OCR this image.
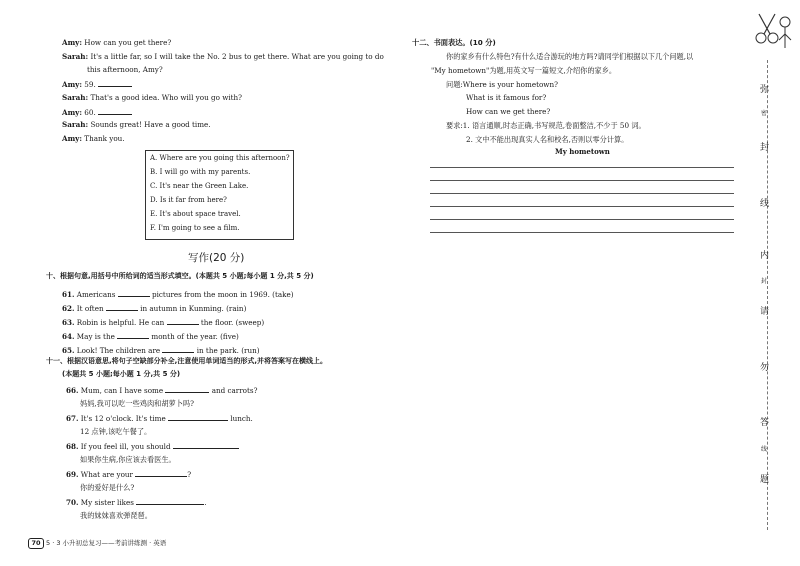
Amy: How can you get there?
Sarah: It's a little far, so I will take the No. 2 bus to get there. What are you going to do
this afternoon, Amy?
Amy: 59.
Sarah: That's a good idea. Who will you go with?
Amy: 60.
Sarah: Sounds great! Have a good time.
Amy: Thank you.
A. Where are you going this afternoon?
B. I will go with my parents.
C. It's near the Green Lake.
D. Is it far from here?
E. It's about space travel.
F. I'm going to see a film.
写作(20 分)
十、根据句意,用括号中所给词的适当形式填空。(本题共 5 小题;每小题 1 分,共 5 分)
61. Americans	pictures from the moon in 1969. (take)
62. It often	in autumn in Kunming. (rain)
63. Robin is helpful. He can	the floor. (sweep)
64. May is the	month of the year. (five)
65. Look! The children are	in the park. (run)
十一、根据汉语意思,将句子空缺部分补全,注意使用单词适当的形式,并将答案写在横线上。
(本题共 5 小题;每小题 1 分,共 5 分)
66. Mum, can I have some	and carrots?
妈妈,我可以吃一些鸡肉和胡萝卜吗?
67. It's 12 o'clock. It's time	lunch.
12 点钟,该吃午餐了。
68. If you feel ill, you should
如果你生病,你应该去看医生。
69. What are your	?
你的爱好是什么?
70. My sister likes	.
我的妹妹喜欢弹琵琶。
70 5 · 3 小升初总复习——考前讲练测 · 英语
十二、书面表达。(10 分)
你的家乡有什么特色?有什么适合游玩的地方吗?请同学们根据以下几个问题,以
"My hometown"为题,用英文写一篇短文,介绍你的家乡。
问题:Where is your hometown?
What is it famous for?
How can we get there?
要求:1. 语言通顺,时态正确,书写规范,卷面整洁,不少于 50 词。
2. 文中不能出现真实人名和校名,否则以零分计算。
My hometown
弥
密
封
线
内
封
请
勿
答
线
题
